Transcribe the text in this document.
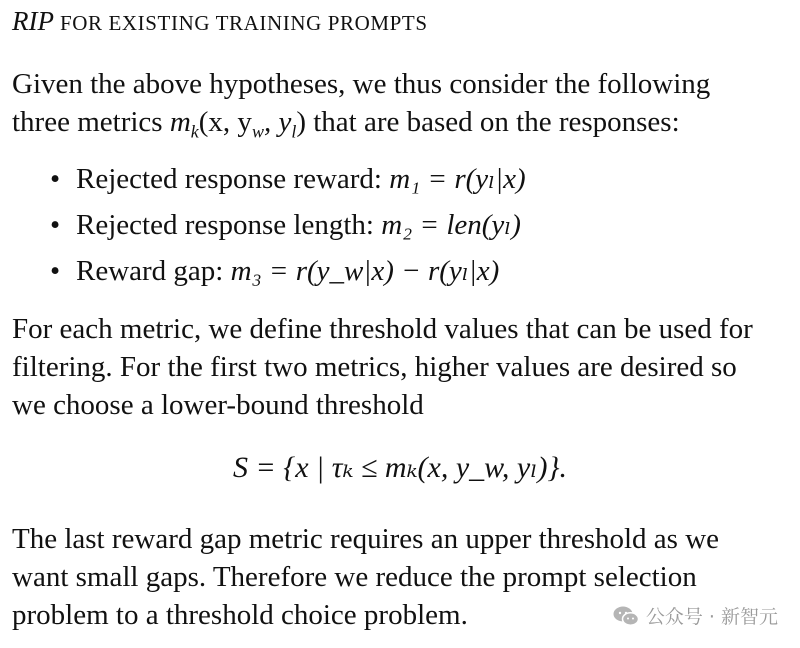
RIP FOR EXISTING TRAINING PROMPTS
Given the above hypotheses, we thus consider the following three metrics $m_k(x$, $y_w$, $y_l$) that are based on the responses:
• Rejected response reward: m₁ = r(yₗ|x)
• Rejected response length: m₂ = len(yₗ)
• Reward gap: m₃ = r(y_w|x) − r(yₗ|x)
For each metric, we define threshold values that can be used for filtering. For the first two metrics, higher values are desired so we choose a lower-bound threshold
S = {x | τₖ ≤ mₖ(x, y_w, yₗ)}.
The last reward gap metric requires an upper threshold as we want small gaps. Therefore we reduce the prompt selection problem to a threshold choice problem.	公众号 · 新智元
